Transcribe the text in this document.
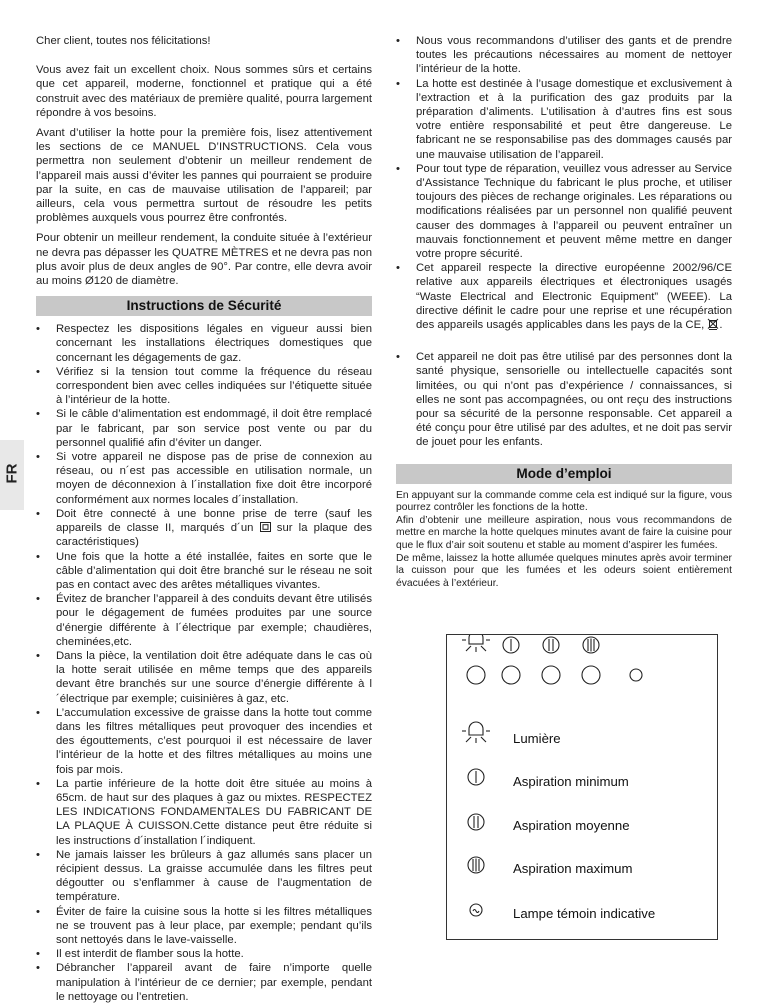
FR

Cher client, toutes nos félicitations!

Vous avez fait un excellent choix. Nous sommes sûrs et certains que cet appareil, moderne, fonctionnel et pratique qui a été construit avec des matériaux de première qualité, pourra largement répondre à vos besoins.

Avant d’utiliser la hotte pour la première fois, lisez attentivement les sections de ce MANUEL D’INSTRUCTIONS. Cela vous permettra non seulement d’obtenir un meilleur rendement de l’appareil mais aussi d’éviter les pannes qui pourraient se produire par la suite, en cas de mauvaise utilisation de l’appareil; par ailleurs, cela vous permettra surtout de résoudre les petits problèmes auxquels vous pourrez être confrontés.

Pour obtenir un meilleur rendement, la conduite située à l’extérieur ne devra pas dépasser les QUATRE MÈTRES et ne devra pas non plus avoir plus de deux angles de 90°. Par contre, elle devra avoir au moins Ø120 de diamètre.

Instructions de Sécurité
• Respectez les dispositions légales en vigueur aussi bien concernant les installations électriques domestiques que concernant les dégagements de gaz.
• Vérifiez si la tension tout comme la fréquence du réseau correspondent bien avec celles indiquées sur l’étiquette située à l’intérieur de la hotte.
• Si le câble d’alimentation est endommagé, il doit être remplacé par le fabricant, par son service post vente ou par du personnel qualifié afin d’éviter un danger.
• Si votre appareil ne dispose pas de prise de connexion au réseau, ou n´est pas accessible en utilisation normale, un moyen de déconnexion à l´installation fixe doit être incorporé conformément aux normes locales d´installation.
• Doit être connecté à une bonne prise de terre (sauf les appareils de classe II, marqués d´un sur la plaque des caractéristiques)
• Une fois que la hotte a été installée, faites en sorte que le câble d’alimentation qui doit être branché sur le réseau ne soit pas en contact avec des arêtes métalliques vivantes.
• Évitez de brancher l’appareil à des conduits devant être utilisés pour le dégagement de fumées produites par une source d’énergie différente à l´électrique par exemple; chaudières, cheminées,etc.
• Dans la pièce, la ventilation doit être adéquate dans le cas où la hotte serait utilisée en même temps que des appareils devant être branchés sur une source d’énergie différente à l´électrique par exemple; cuisinières à gaz, etc.
• L’accumulation excessive de graisse dans la hotte tout comme dans les filtres métalliques peut provoquer des incendies et des égouttements, c’est pourquoi il est nécessaire de laver l’intérieur de la hotte et des filtres métalliques au moins une fois par mois.
• La partie inférieure de la hotte doit être située au moins à 65cm. de haut sur des plaques à gaz ou mixtes. RESPECTEZ LES INDICATIONS FONDAMENTALES DU FABRICANT DE LA PLAQUE À CUISSON.Cette distance peut être réduite si les instructions d´installation l´indiquent.
• Ne jamais laisser les brûleurs à gaz allumés sans placer un récipient dessus. La graisse accumulée dans les filtres peut dégoutter ou s’enflammer à cause de l’augmentation de température.
• Éviter de faire la cuisine sous la hotte si les filtres métalliques ne se trouvent pas à leur place, par exemple; pendant qu’ils sont nettoyés dans le lave-vaisselle.
• Il est interdit de flamber sous la hotte.
• Débrancher l’appareil avant de faire n’importe quelle manipulation à l’intérieur de ce dernier; par exemple, pendant le nettoyage ou l’entretien.
• Nous vous recommandons d’utiliser des gants et de prendre toutes les précautions nécessaires au moment de nettoyer l’intérieur de la hotte.
• La hotte est destinée à l’usage domestique et exclusivement à l’extraction et à la purification des gaz produits par la préparation d’aliments. L’utilisation à d’autres fins est sous votre entière responsabilité et peut être dangereuse. Le fabricant ne se responsabilise pas des dommages causés par une mauvaise utilisation de l’appareil.
• Pour tout type de réparation, veuillez vous adresser au Service d’Assistance Technique du fabricant le plus proche, et utiliser toujours des pièces de rechange originales. Les réparations ou modifications réalisées par un personnel non qualifié peuvent causer des dommages à l’appareil ou peuvent entraîner un mauvais fonctionnement et peuvent même mettre en danger votre propre sécurité.
• Cet appareil respecte la directive européenne 2002/96/CE relative aux appareils électriques et électroniques usagés “Waste Electrical and Electronic Equipment” (WEEE). La directive définit le cadre pour une reprise et une récupération des appareils usagés applicables dans les pays de la CE, .
• Cet appareil ne doit pas être utilisé par des personnes dont la santé physique, sensorielle ou intellectuelle capacités sont limitées, ou qui n’ont pas d’expérience / connaissances, si elles ne sont pas accompagnées, ou ont reçu des instructions pour sa sécurité de la personne responsable. Cet appareil a été conçu pour être utilisé par des adultes, et ne doit pas servir de jouet pour les enfants.
Mode d’emploi

En appuyant sur la commande comme cela est indiqué sur la figure, vous pourrez contrôler les fonctions de la hotte.

Afin d’obtenir une meilleure aspiration, nous vous recommandons de mettre en marche la hotte quelques minutes avant de faire la cuisine pour que le flux d’air soit soutenu et stable au moment d’aspirer les fumées.

De même, laissez la hotte allumée quelques minutes après avoir terminer la cuisson pour que les fumées et les odeurs soient entièrement évacuées à l’extérieur.

Lumière
Aspiration minimum
Aspiration moyenne
Aspiration maximum
Lampe témoin indicative
